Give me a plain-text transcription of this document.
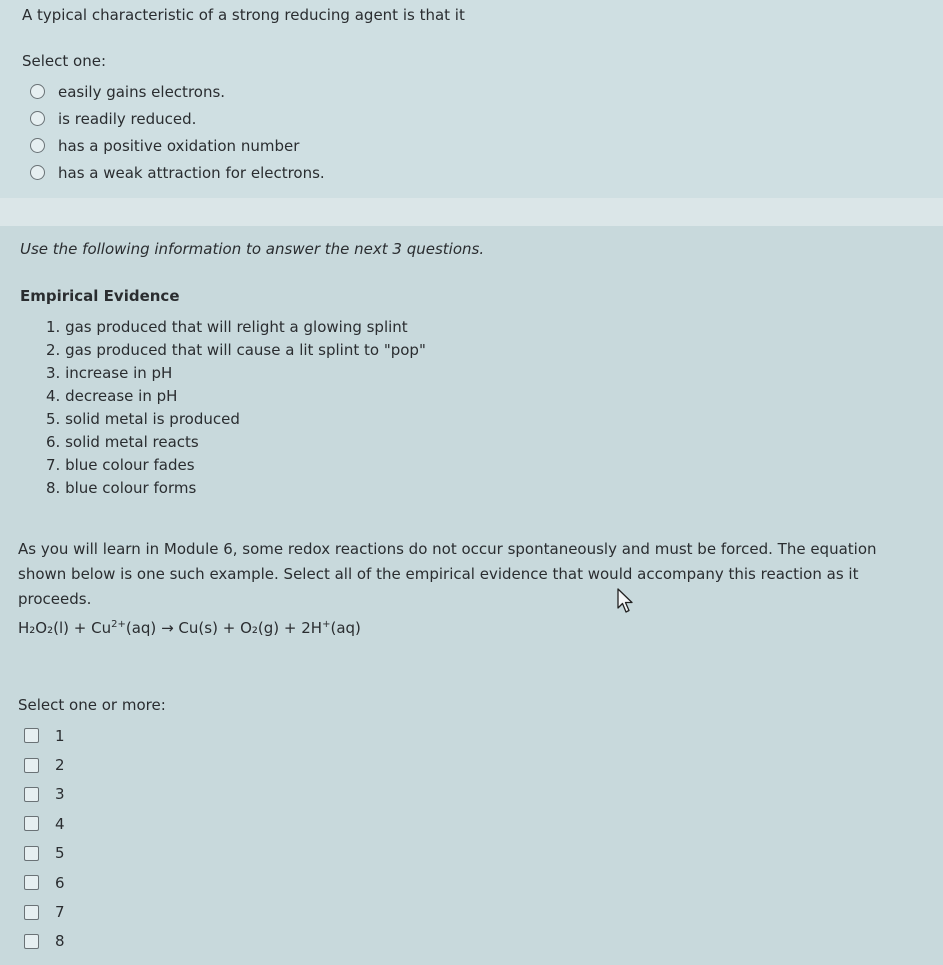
A typical characteristic of a strong reducing agent is that it
Select one:
easily gains electrons.
is readily reduced.
has a positive oxidation number
has a weak attraction for electrons.
Use the following information to answer the next 3 questions.
Empirical Evidence
1. gas produced that will relight a glowing splint
2. gas produced that will cause a lit splint to "pop"
3. increase in pH
4. decrease in pH
5. solid metal is produced
6. solid metal reacts
7. blue colour fades
8. blue colour forms
As you will learn in Module 6, some redox reactions do not occur spontaneously and must be forced. The equation shown below is one such example. Select all of the empirical evidence that would accompany this reaction as it proceeds.
$H_2O_2(l) + Cu^{2+}(aq) \to Cu(s) + O_2(g) + 2H^+(aq)$
Select one or more:
1
2
3
4
5
6
7
8
